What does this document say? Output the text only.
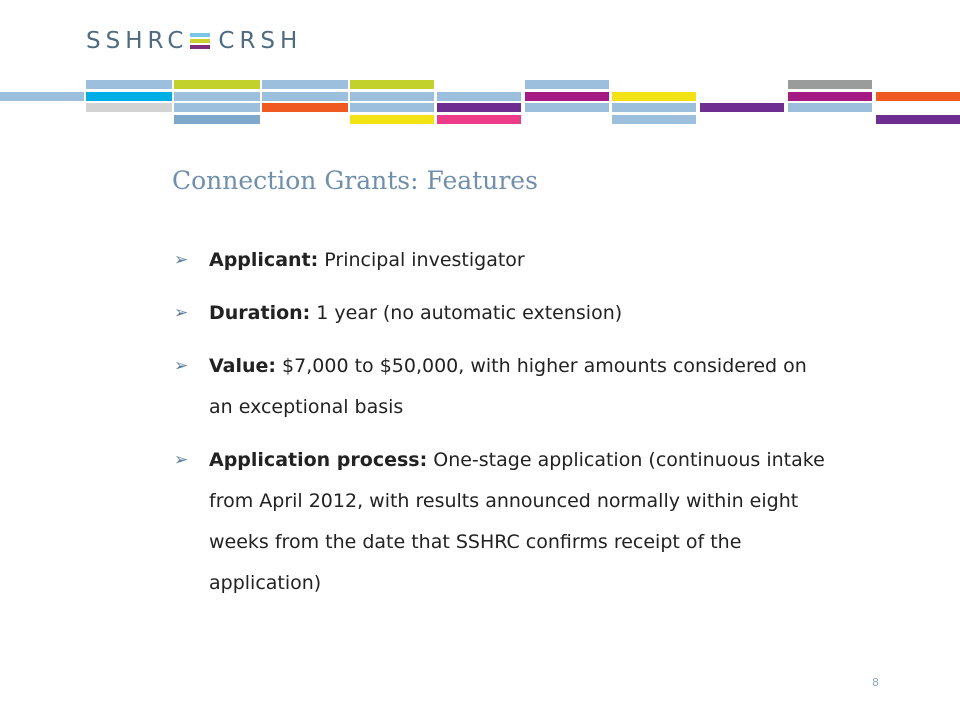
SSHRC CRSH
Connection Grants: Features
➢	Applicant: Principal investigator
➢	Duration: 1 year (no automatic extension)
➢	Value: $7,000 to $50,000, with higher amounts considered on an exceptional basis
➢	Application process: One-stage application (continuous intake from April 2012, with results announced normally within eight weeks from the date that SSHRC confirms receipt of the application)
8
